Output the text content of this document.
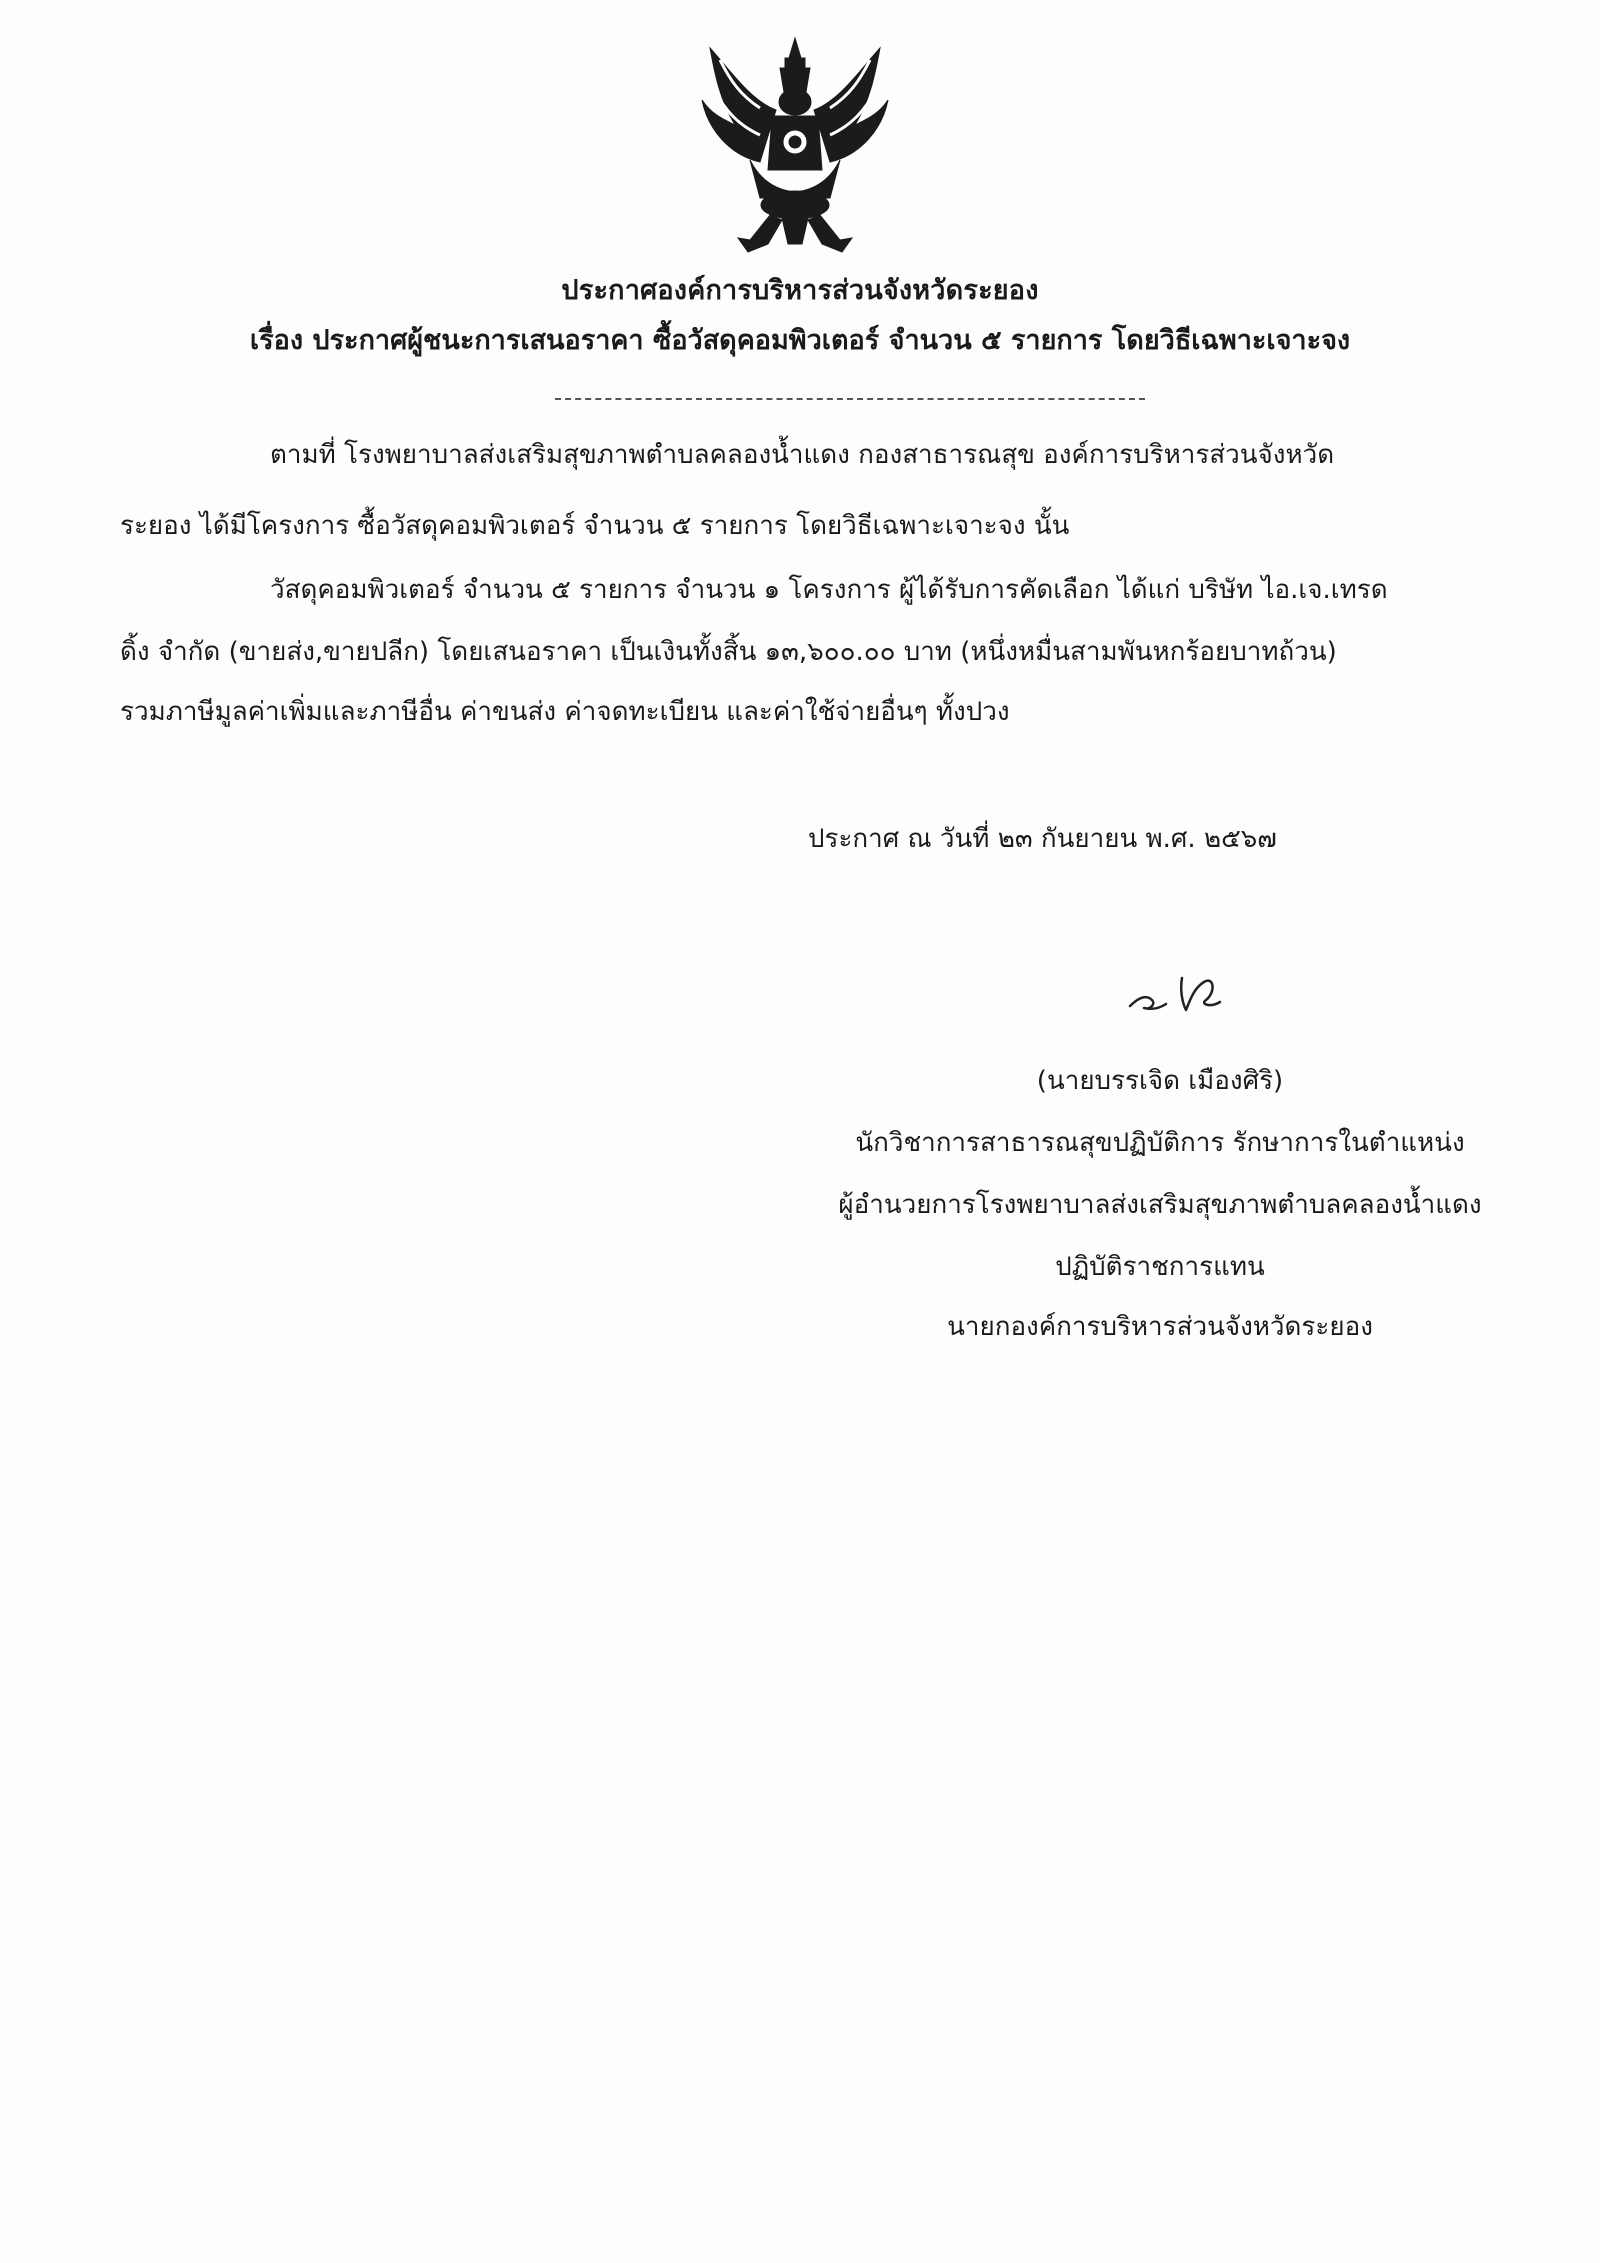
ประกาศองค์การบริหารส่วนจังหวัดระยอง
เรื่อง ประกาศผู้ชนะการเสนอราคา ซื้อวัสดุคอมพิวเตอร์ จำนวน ๕ รายการ โดยวิธีเฉพาะเจาะจง
ตามที่ โรงพยาบาลส่งเสริมสุขภาพตำบลคลองน้ำแดง กองสาธารณสุข องค์การบริหารส่วนจังหวัด
ระยอง ได้มีโครงการ ซื้อวัสดุคอมพิวเตอร์ จำนวน ๕ รายการ โดยวิธีเฉพาะเจาะจง นั้น
วัสดุคอมพิวเตอร์ จำนวน ๕ รายการ จำนวน ๑ โครงการ ผู้ได้รับการคัดเลือก ได้แก่ บริษัท ไอ.เจ.เทรด
ดิ้ง จำกัด (ขายส่ง,ขายปลีก) โดยเสนอราคา เป็นเงินทั้งสิ้น ๑๓,๖๐๐.๐๐ บาท (หนึ่งหมื่นสามพันหกร้อยบาทถ้วน)
รวมภาษีมูลค่าเพิ่มและภาษีอื่น ค่าขนส่ง ค่าจดทะเบียน และค่าใช้จ่ายอื่นๆ ทั้งปวง
ประกาศ ณ วันที่ ๒๓ กันยายน พ.ศ. ๒๕๖๗
(นายบรรเจิด เมืองศิริ)
นักวิชาการสาธารณสุขปฏิบัติการ รักษาการในตำแหน่ง
ผู้อำนวยการโรงพยาบาลส่งเสริมสุขภาพตำบลคลองน้ำแดง
ปฏิบัติราชการแทน
นายกองค์การบริหารส่วนจังหวัดระยอง
